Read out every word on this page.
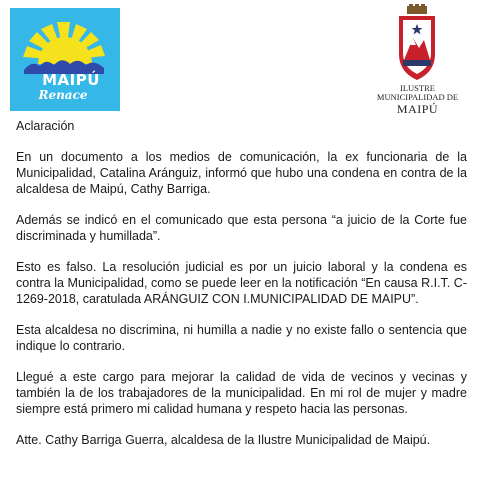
MAIPÚ
Renace	ILUSTRE
MUNICIPALIDAD DE
MAIPÚ

Aclaración

En un documento a los medios de comunicación, la ex funcionaria de la Municipalidad, Catalina Aránguiz, informó que hubo una condena en contra de la alcaldesa de Maipú, Cathy Barriga.

Además se indicó en el comunicado que esta persona “a juicio de la Corte fue discriminada y humillada”.

Esto es falso. La resolución judicial es por un juicio laboral y la condena es contra la Municipalidad, como se puede leer en la notificación “En causa R.I.T. C-1269-2018, caratulada ARÁNGUIZ CON I.MUNICIPALIDAD DE MAIPU”.

Esta alcaldesa no discrimina, ni humilla a nadie y no existe fallo o sentencia que indique lo contrario.

Llegué a este cargo para mejorar la calidad de vida de vecinos y vecinas y también la de los trabajadores de la municipalidad. En mi rol de mujer y madre siempre está primero mi calidad humana y respeto hacia las personas.

Atte. Cathy Barriga Guerra, alcaldesa de la Ilustre Municipalidad de Maipú.
